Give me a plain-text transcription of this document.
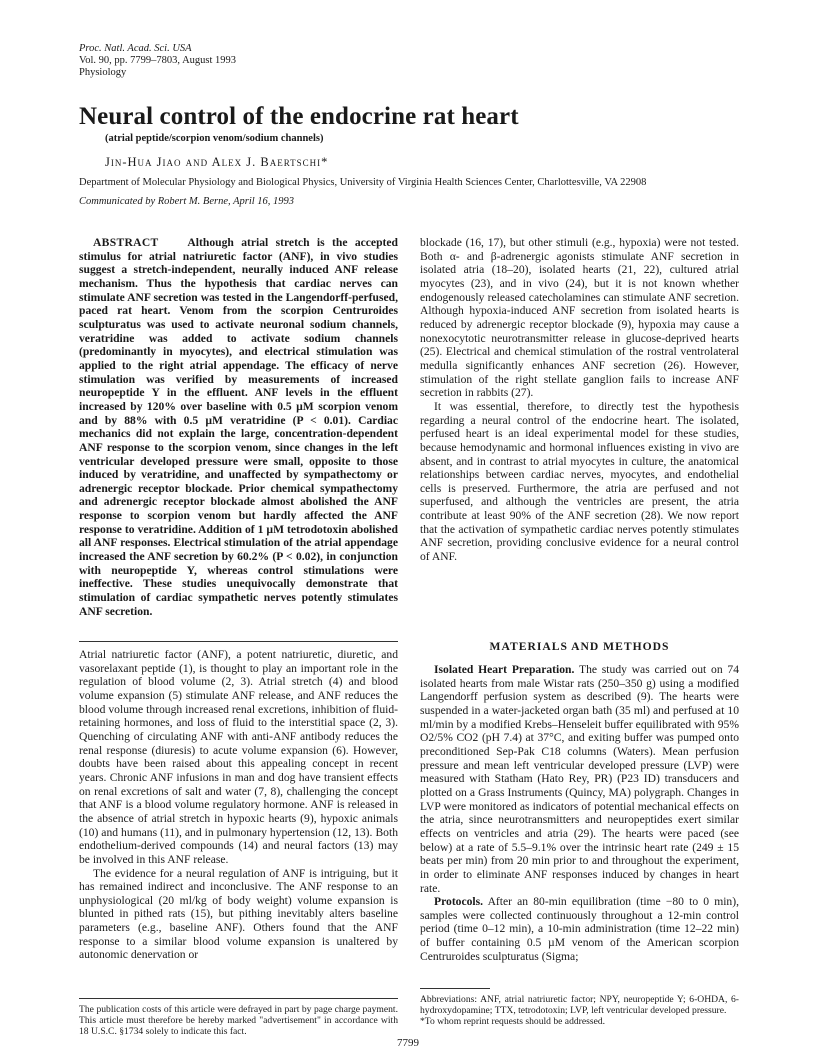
Proc. Natl. Acad. Sci. USA
Vol. 90, pp. 7799–7803, August 1993
Physiology
Neural control of the endocrine rat heart
(atrial peptide/scorpion venom/sodium channels)
Jin-Hua Jiao and Alex J. Baertschi*
Department of Molecular Physiology and Biological Physics, University of Virginia Health Sciences Center, Charlottesville, VA 22908
Communicated by Robert M. Berne, April 16, 1993

ABSTRACT Although atrial stretch is the accepted stimulus for atrial natriuretic factor (ANF), in vivo studies suggest a stretch-independent, neurally induced ANF release mechanism. Thus the hypothesis that cardiac nerves can stimulate ANF secretion was tested in the Langendorff-perfused, paced rat heart. Venom from the scorpion Centruroides sculpturatus was used to activate neuronal sodium channels, veratridine was added to activate sodium channels (predominantly in myocytes), and electrical stimulation was applied to the right atrial appendage. The efficacy of nerve stimulation was verified by measurements of increased neuropeptide Y in the effluent. ANF levels in the effluent increased by 120% over baseline with 0.5 µM scorpion venom and by 88% with 0.5 µM veratridine (P < 0.01). Cardiac mechanics did not explain the large, concentration-dependent ANF response to the scorpion venom, since changes in the left ventricular developed pressure were small, opposite to those induced by veratridine, and unaffected by sympathectomy or adrenergic receptor blockade. Prior chemical sympathectomy and adrenergic receptor blockade almost abolished the ANF response to scorpion venom but hardly affected the ANF response to veratridine. Addition of 1 µM tetrodotoxin abolished all ANF responses. Electrical stimulation of the atrial appendage increased the ANF secretion by 60.2% (P < 0.02), in conjunction with neuropeptide Y, whereas control stimulations were ineffective. These studies unequivocally demonstrate that stimulation of cardiac sympathetic nerves potently stimulates ANF secretion.

Atrial natriuretic factor (ANF), a potent natriuretic, diuretic, and vasorelaxant peptide (1), is thought to play an important role in the regulation of blood volume (2, 3). Atrial stretch (4) and blood volume expansion (5) stimulate ANF release, and ANF reduces the blood volume through increased renal excretions, inhibition of fluid-retaining hormones, and loss of fluid to the interstitial space (2, 3). Quenching of circulating ANF with anti-ANF antibody reduces the renal response (diuresis) to acute volume expansion (6). However, doubts have been raised about this appealing concept in recent years. Chronic ANF infusions in man and dog have transient effects on renal excretions of salt and water (7, 8), challenging the concept that ANF is a blood volume regulatory hormone. ANF is released in the absence of atrial stretch in hypoxic hearts (9), hypoxic animals (10) and humans (11), and in pulmonary hypertension (12, 13). Both endothelium-derived compounds (14) and neural factors (13) may be involved in this ANF release.

The evidence for a neural regulation of ANF is intriguing, but it has remained indirect and inconclusive. The ANF response to an unphysiological (20 ml/kg of body weight) volume expansion is blunted in pithed rats (15), but pithing inevitably alters baseline parameters (e.g., baseline ANF). Others found that the ANF response to a similar blood volume expansion is unaltered by autonomic denervation or

blockade (16, 17), but other stimuli (e.g., hypoxia) were not tested. Both α- and β-adrenergic agonists stimulate ANF secretion in isolated atria (18–20), isolated hearts (21, 22), cultured atrial myocytes (23), and in vivo (24), but it is not known whether endogenously released catecholamines can stimulate ANF secretion. Although hypoxia-induced ANF secretion from isolated hearts is reduced by adrenergic receptor blockade (9), hypoxia may cause a nonexocytotic neurotransmitter release in glucose-deprived hearts (25). Electrical and chemical stimulation of the rostral ventrolateral medulla significantly enhances ANF secretion (26). However, stimulation of the right stellate ganglion fails to increase ANF secretion in rabbits (27).

It was essential, therefore, to directly test the hypothesis regarding a neural control of the endocrine heart. The isolated, perfused heart is an ideal experimental model for these studies, because hemodynamic and hormonal influences existing in vivo are absent, and in contrast to atrial myocytes in culture, the anatomical relationships between cardiac nerves, myocytes, and endothelial cells is preserved. Furthermore, the atria are perfused and not superfused, and although the ventricles are present, the atria contribute at least 90% of the ANF secretion (28). We now report that the activation of sympathetic cardiac nerves potently stimulates ANF secretion, providing conclusive evidence for a neural control of ANF.

MATERIALS AND METHODS

Isolated Heart Preparation. The study was carried out on 74 isolated hearts from male Wistar rats (250–350 g) using a modified Langendorff perfusion system as described (9). The hearts were suspended in a water-jacketed organ bath (35 ml) and perfused at 10 ml/min by a modified Krebs–Henseleit buffer equilibrated with 95% O2/5% CO2 (pH 7.4) at 37°C, and exiting buffer was pumped onto preconditioned Sep-Pak C18 columns (Waters). Mean perfusion pressure and mean left ventricular developed pressure (LVP) were measured with Statham (Hato Rey, PR) (P23 ID) transducers and plotted on a Grass Instruments (Quincy, MA) polygraph. Changes in LVP were monitored as indicators of potential mechanical effects on the atria, since neurotransmitters and neuropeptides exert similar effects on ventricles and atria (29). The hearts were paced (see below) at a rate of 5.5–9.1% over the intrinsic heart rate (249 ± 15 beats per min) from 20 min prior to and throughout the experiment, in order to eliminate ANF responses induced by changes in heart rate.

Protocols. After an 80-min equilibration (time −80 to 0 min), samples were collected continuously throughout a 12-min control period (time 0–12 min), a 10-min administration (time 12–22 min) of buffer containing 0.5 µM venom of the American scorpion Centruroides sculpturatus (Sigma;

The publication costs of this article were defrayed in part by page charge payment. This article must therefore be hereby marked "advertisement" in accordance with 18 U.S.C. §1734 solely to indicate this fact.
Abbreviations: ANF, atrial natriuretic factor; NPY, neuropeptide Y; 6-OHDA, 6-hydroxydopamine; TTX, tetrodotoxin; LVP, left ventricular developed pressure.
*To whom reprint requests should be addressed.
7799
